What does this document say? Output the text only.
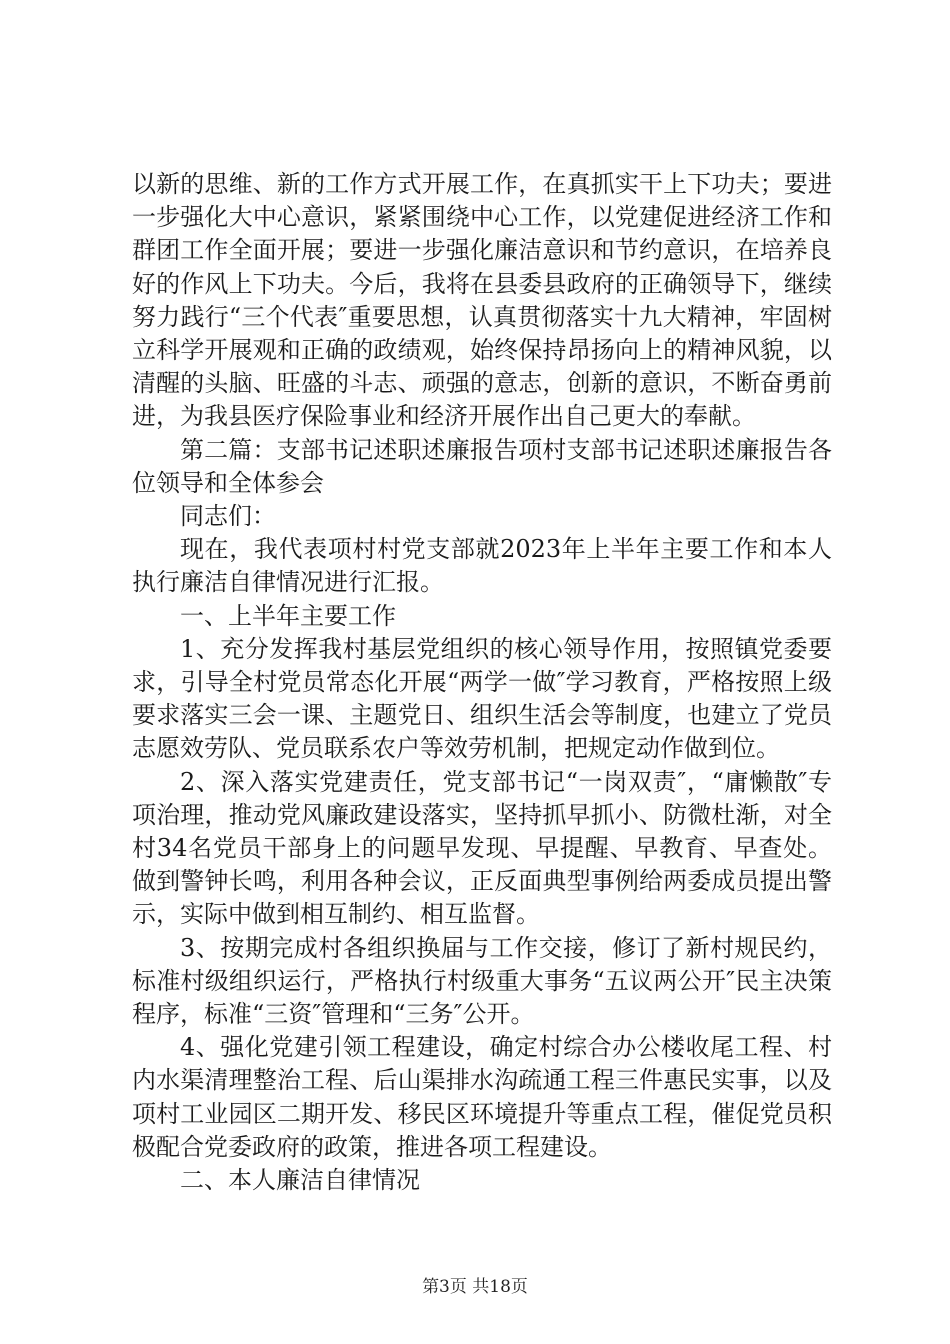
以新的思维、新的工作方式开展工作，在真抓实干上下功夫；要进一步强化大中心意识，紧紧围绕中心工作，以党建促进经济工作和群团工作全面开展；要进一步强化廉洁意识和节约意识，在培养良好的作风上下功夫。今后，我将在县委县政府的正确领导下，继续努力践行“三个代表″重要思想，认真贯彻落实十九大精神，牢固树立科学开展观和正确的政绩观，始终保持昂扬向上的精神风貌，以清醒的头脑、旺盛的斗志、顽强的意志，创新的意识，不断奋勇前进，为我县医疗保险事业和经济开展作出自己更大的奉献。

第二篇：支部书记述职述廉报告项村支部书记述职述廉报告各位领导和全体参会

同志们：

现在，我代表项村村党支部就2023年上半年主要工作和本人执行廉洁自律情况进行汇报。

一、上半年主要工作

1、充分发挥我村基层党组织的核心领导作用，按照镇党委要求，引导全村党员常态化开展“两学一做″学习教育，严格按照上级要求落实三会一课、主题党日、组织生活会等制度，也建立了党员志愿效劳队、党员联系农户等效劳机制，把规定动作做到位。

2、深入落实党建责任，党支部书记“一岗双责″，“庸懒散″专项治理，推动党风廉政建设落实，坚持抓早抓小、防微杜渐，对全村34名党员干部身上的问题早发现、早提醒、早教育、早查处。做到警钟长鸣，利用各种会议，正反面典型事例给两委成员提出警示，实际中做到相互制约、相互监督。

3、按期完成村各组织换届与工作交接，修订了新村规民约，标准村级组织运行，严格执行村级重大事务“五议两公开″民主决策程序，标准“三资″管理和“三务″公开。

4、强化党建引领工程建设，确定村综合办公楼收尾工程、村内水渠清理整治工程、后山渠排水沟疏通工程三件惠民实事，以及项村工业园区二期开发、移民区环境提升等重点工程，催促党员积极配合党委政府的政策，推进各项工程建设。

二、本人廉洁自律情况

第3页 共18页
